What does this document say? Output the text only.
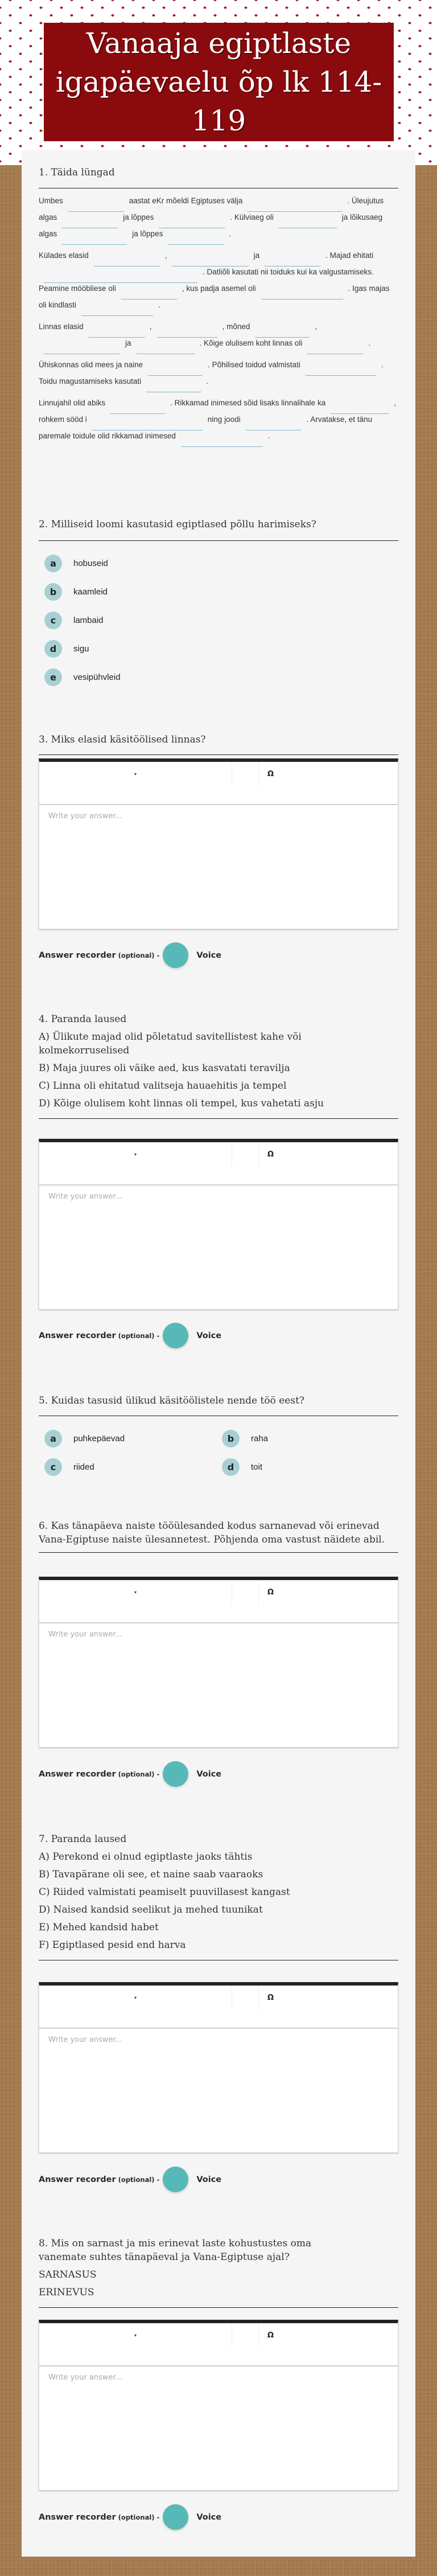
Vanaaja egiptlaste igapäevaelu õp lk 114-119
1. Täida lüngad

Umbes	aastat eKr mõeldi Egiptuses välja	. Üleujutus algas	ja lõppes	. Külviaeg oli	ja lõikusaeg algas	ja lõppes	.

Külades elasid	,	ja	. Majad ehitati. Datliõli kasutati nii toiduks kui ka valgustamiseks. Peamine mööbliese oli	, kus padja asemel oli	. Igas majas oli kindlasti	.

Linnas elasid	,	, mõned	,ja	. Kõige olulisem koht linnas oli	.

Ühiskonnas olid mees ja naine	. Põhilised toidud valmistati	. Toidu magustamiseks kasutati	.

Linnujahil olid abiks	. Rikkamad inimesed sõid lisaks linnalihale ka	, rohkem sööd i	ning joodi	. Arvatakse, et tänu paremale toidule olid rikkamad inimesed	.

2. Milliseid loomi kasutasid egiptlased põllu harimiseks?
a	hobuseid
b	kaamleid
c	lambaid
d	sigu
e	vesipühvleid
3. Miks elasid käsitöölised linnas?
▾	Ω
Write your answer...
Answer recorder (optional) -	Voice
4. Paranda laused
A) Ülikute majad olid põletatud savitellistest kahe või kolmekorruselised
B) Maja juures oli väike aed, kus kasvatati teravilja
C) Linna oli ehitatud valitseja hauaehitis ja tempel
D) Kõige olulisem koht linnas oli tempel, kus vahetati asju
▾	Ω
Write your answer...
Answer recorder (optional) -	Voice
5. Kuidas tasusid ülikud käsitöölistele nende töö eest?
a	puhkepäevad	b	raha
c	riided	d	toit
6. Kas tänapäeva naiste tööülesanded kodus sarnanevad või erinevad Vana-Egiptuse naiste ülesannetest. Põhjenda oma vastust näidete abil.
▾	Ω
Write your answer...
Answer recorder (optional) -	Voice
7. Paranda laused
A) Perekond ei olnud egiptlaste jaoks tähtis
B) Tavapärane oli see, et naine saab vaaraoks
C) Riided valmistati peamiselt puuvillasest kangast
D) Naised kandsid seelikut ja mehed tuunikat
E) Mehed kandsid habet
F) Egiptlased pesid end harva
▾	Ω
Write your answer...
Answer recorder (optional) -	Voice
8. Mis on sarnast ja mis erinevat laste kohustustes oma vanemate suhtes tänapäeval ja Vana-Egiptuse ajal?
SARNASUS
ERINEVUS
▾	Ω
Write your answer...
Answer recorder (optional) -	Voice
